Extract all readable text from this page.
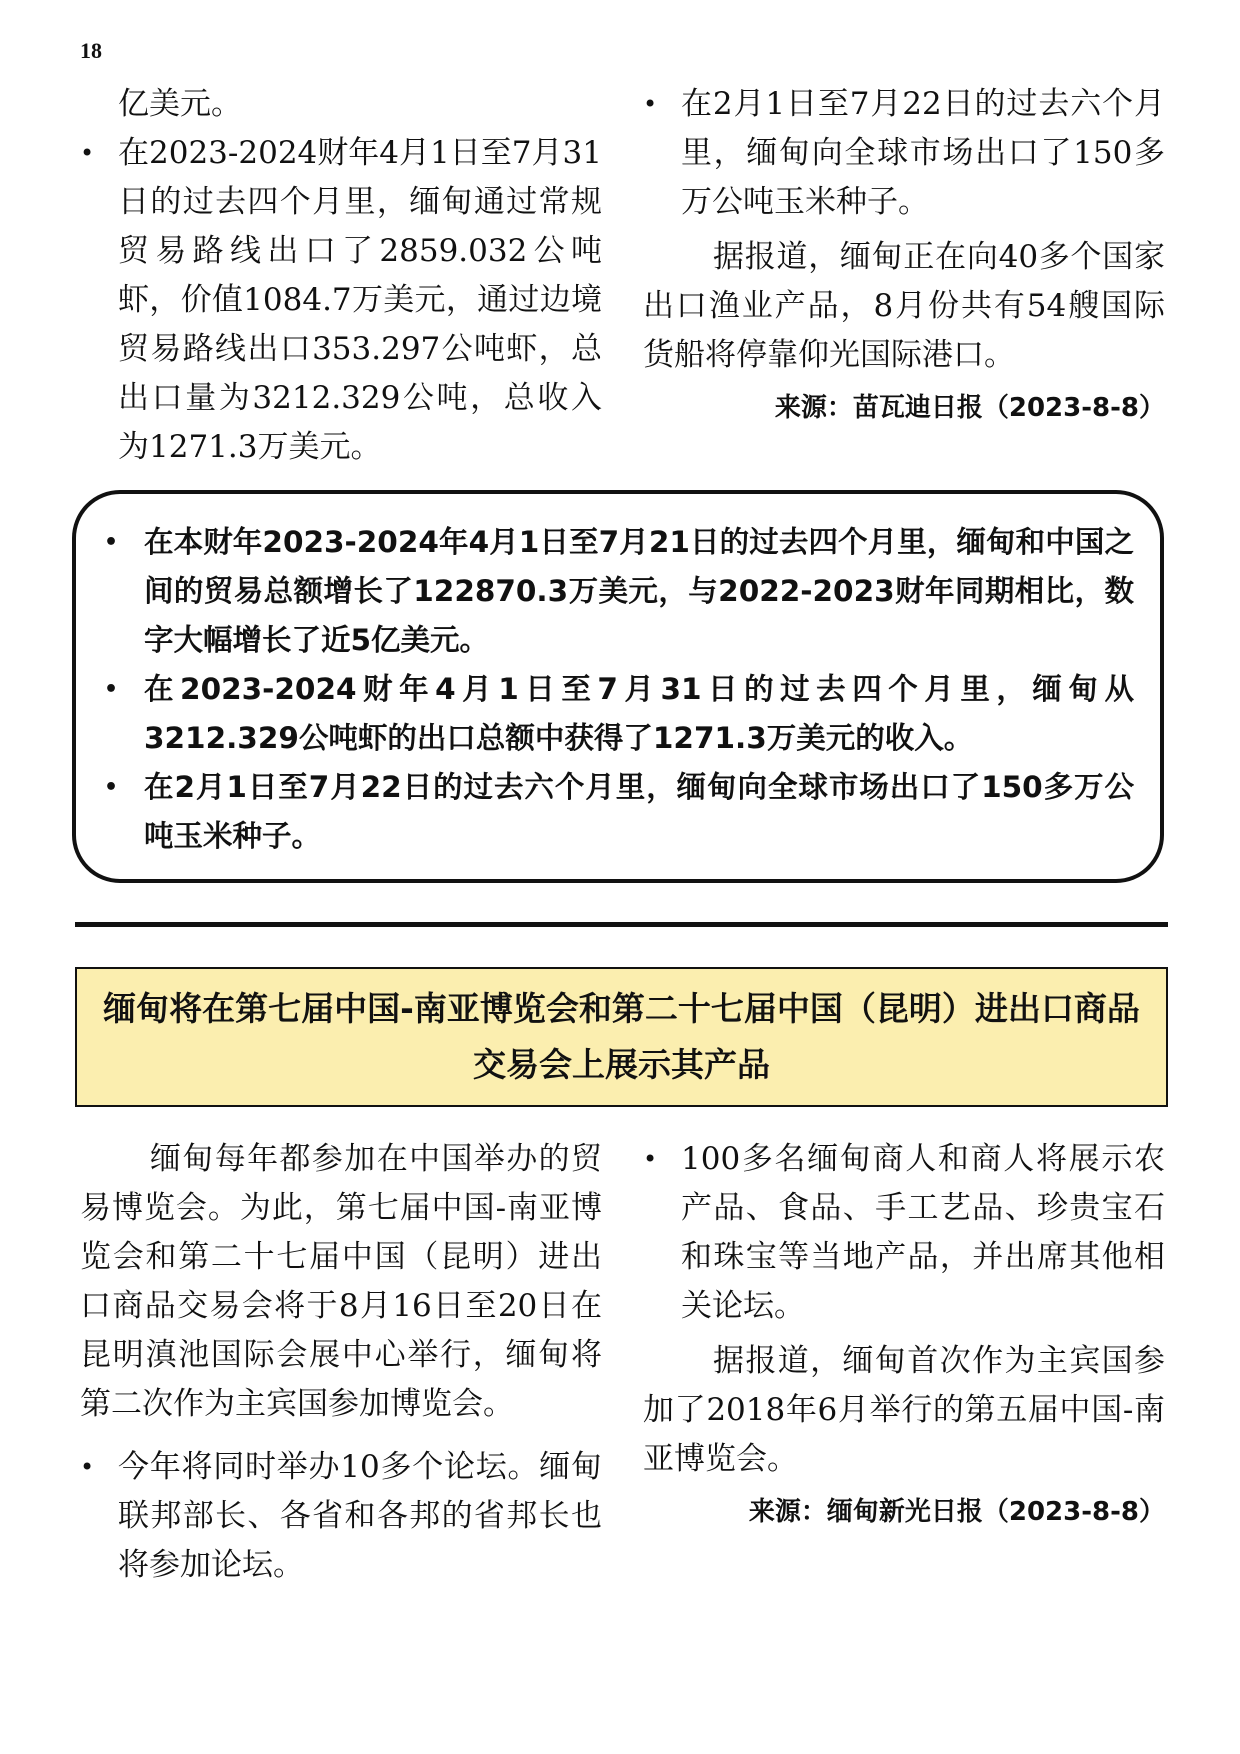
18

亿美元。

• 在2023-2024财年4月1日至7月31日的过去四个月里，缅甸通过常规贸易路线出口了2859.032公吨虾，价值1084.7万美元，通过边境贸易路线出口353.297公吨虾，总出口量为3212.329公吨，总收入为1271.3万美元。

• 在2月1日至7月22日的过去六个月里，缅甸向全球市场出口了150多万公吨玉米种子。

据报道，缅甸正在向40多个国家出口渔业产品，8月份共有54艘国际货船将停靠仰光国际港口。

来源：苗瓦迪日报（2023-8-8）

• 在本财年2023-2024年4月1日至7月21日的过去四个月里，缅甸和中国之间的贸易总额增长了122870.3万美元，与2022-2023财年同期相比，数字大幅增长了近5亿美元。

• 在2023-2024财年4月1日至7月31日的过去四个月里，缅甸从3212.329公吨虾的出口总额中获得了1271.3万美元的收入。

• 在2月1日至7月22日的过去六个月里，缅甸向全球市场出口了150多万公吨玉米种子。

缅甸将在第七届中国-南亚博览会和第二十七届中国（昆明）进出口商品交易会上展示其产品

缅甸每年都参加在中国举办的贸易博览会。为此，第七届中国-南亚博览会和第二十七届中国（昆明）进出口商品交易会将于8月16日至20日在昆明滇池国际会展中心举行，缅甸将第二次作为主宾国参加博览会。

• 今年将同时举办10多个论坛。缅甸联邦部长、各省和各邦的省邦长也将参加论坛。

• 100多名缅甸商人和商人将展示农产品、食品、手工艺品、珍贵宝石和珠宝等当地产品，并出席其他相关论坛。

据报道，缅甸首次作为主宾国参加了2018年6月举行的第五届中国-南亚博览会。

来源：缅甸新光日报（2023-8-8）
